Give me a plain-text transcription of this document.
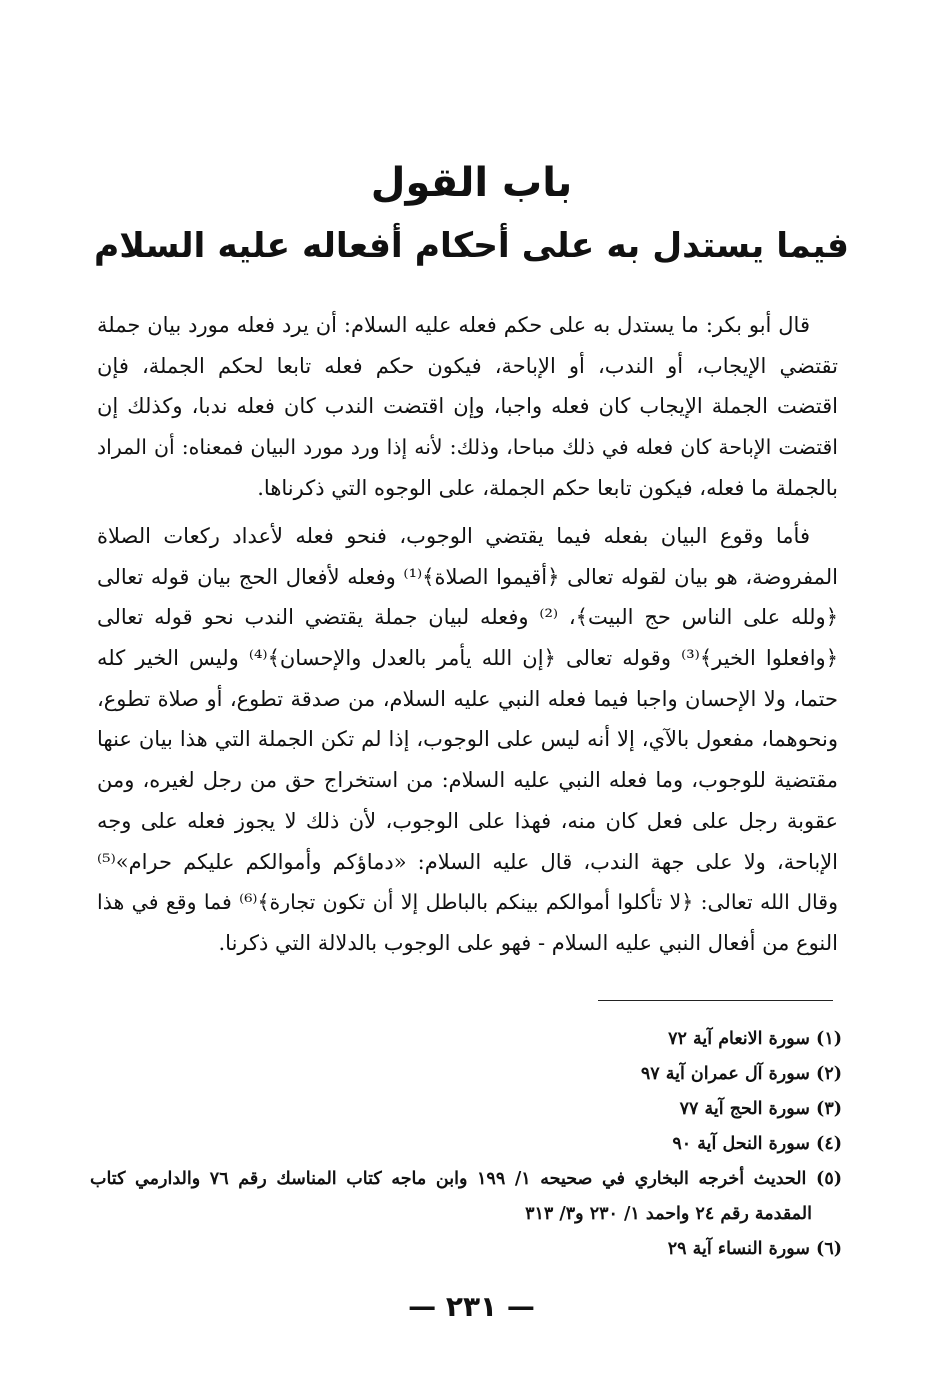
باب القول
فيما يستدل به على أحكام أفعاله عليه السلام
قال أبو بكر: ما يستدل به على حكم فعله عليه السلام: أن يرد فعله مورد بيان جملة
تقتضي الإيجاب، أو الندب، أو الإباحة، فيكون حكم فعله تابعا لحكم الجملة، فإن
اقتضت الجملة الإيجاب كان فعله واجبا، وإن اقتضت الندب كان فعله ندبا، وكذلك إن
اقتضت الإباحة كان فعله في ذلك مباحا، وذلك: لأنه إذا ورد مورد البيان فمعناه: أن المراد
بالجملة ما فعله، فيكون تابعا حكم الجملة، على الوجوه التي ذكرناها.
فأما وقوع البيان بفعله فيما يقتضي الوجوب، فنحو فعله لأعداد ركعات الصلاة
المفروضة، هو بيان لقوله تعالى ﴿أقيموا الصلاة﴾⁽¹⁾ وفعله لأفعال الحج بيان قوله تعالى
﴿ولله على الناس حج البيت﴾، ⁽²⁾ وفعله لبيان جملة يقتضي الندب نحو قوله تعالى
﴿وافعلوا الخير﴾⁽³⁾ وقوله تعالى ﴿إن الله يأمر بالعدل والإحسان﴾⁽⁴⁾ وليس الخير كله
حتما، ولا الإحسان واجبا فيما فعله النبي عليه السلام، من صدقة تطوع، أو صلاة تطوع،
ونحوهما، مفعول بالآي، إلا أنه ليس على الوجوب، إذا لم تكن الجملة التي هذا بيان عنها
مقتضية للوجوب، وما فعله النبي عليه السلام: من استخراج حق من رجل لغيره، ومن
عقوبة رجل على فعل كان منه، فهذا على الوجوب، لأن ذلك لا يجوز فعله على وجه
الإباحة، ولا على جهة الندب، قال عليه السلام: «دماؤكم وأموالكم عليكم حرام»⁽⁵⁾
وقال الله تعالى: ﴿لا تأكلوا أموالكم بينكم بالباطل إلا أن تكون تجارة﴾⁽⁶⁾ فما وقع في هذا
النوع من أفعال النبي عليه السلام - فهو على الوجوب بالدلالة التي ذكرنا.
(١) سورة الانعام آية ٧٢
(٢) سورة آل عمران آية ٩٧
(٣) سورة الحج آية ٧٧
(٤) سورة النحل آية ٩٠
(٥) الحديث أخرجه البخاري في صحيحه ١/ ١٩٩ وابن ماجه كتاب المناسك رقم ٧٦ والدارمي كتاب
المقدمة رقم ٢٤ واحمد ١/ ٢٣٠ و٣/ ٣١٣
(٦) سورة النساء آية ٢٩
— ٢٣١ —
